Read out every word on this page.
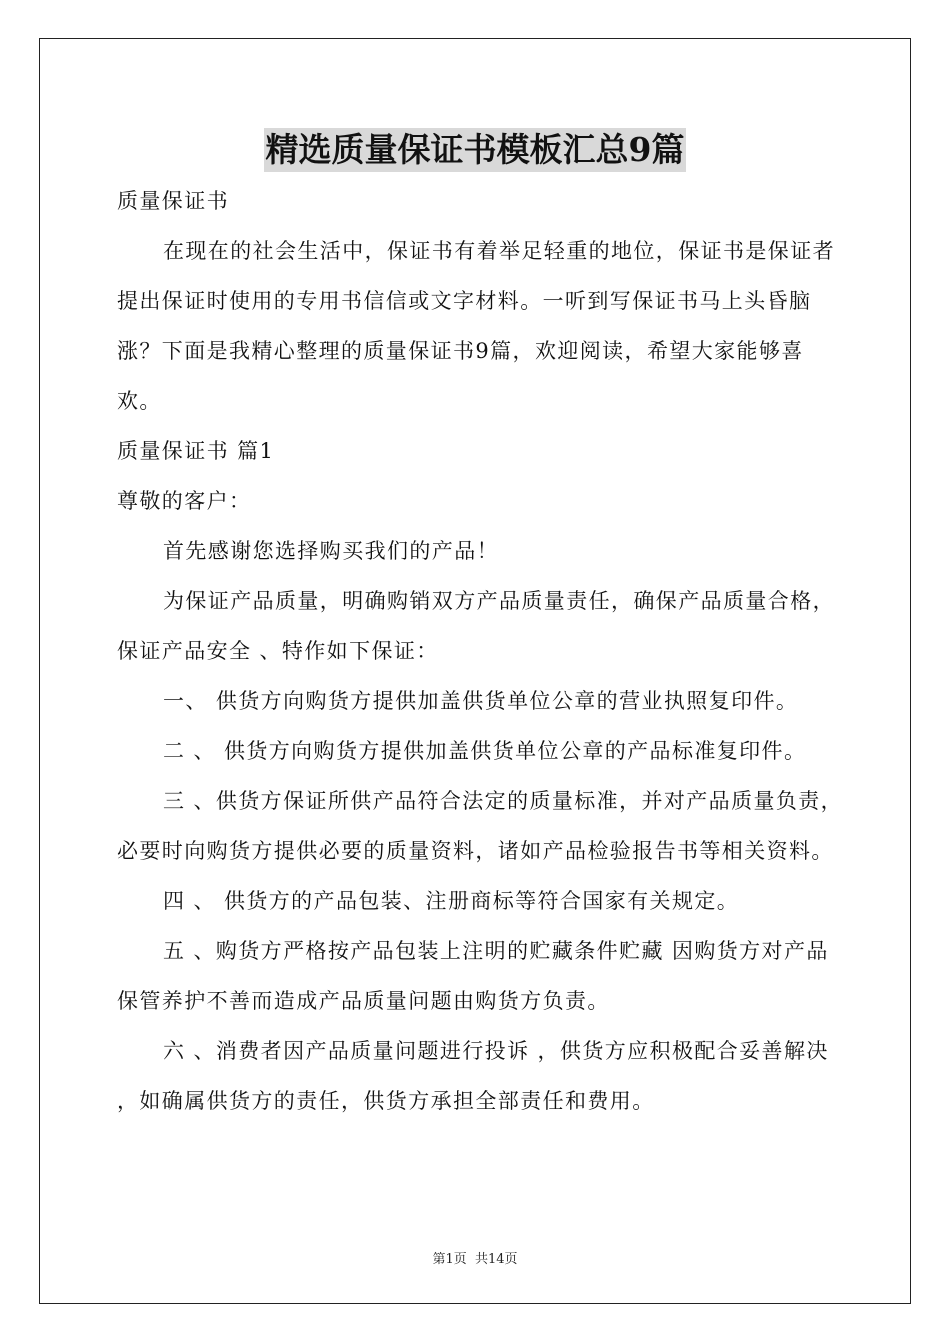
精选质量保证书模板汇总9篇

质量保证书

在现在的社会生活中，保证书有着举足轻重的地位，保证书是保证者提出保证时使用的专用书信信或文字材料。一听到写保证书马上头昏脑涨？下面是我精心整理的质量保证书9篇，欢迎阅读，希望大家能够喜欢。

质量保证书 篇1

尊敬的客户：

首先感谢您选择购买我们的产品！

为保证产品质量，明确购销双方产品质量责任，确保产品质量合格，保证产品安全 、特作如下保证：

一、 供货方向购货方提供加盖供货单位公章的营业执照复印件。

二 、 供货方向购货方提供加盖供货单位公章的产品标准复印件。

三 、供货方保证所供产品符合法定的质量标准，并对产品质量负责，必要时向购货方提供必要的质量资料，诸如产品检验报告书等相关资料。

四 、 供货方的产品包装、注册商标等符合国家有关规定。

五 、购货方严格按产品包装上注明的贮藏条件贮藏 因购货方对产品保管养护不善而造成产品质量问题由购货方负责。

六 、消费者因产品质量问题进行投诉 ，供货方应积极配合妥善解决 ，如确属供货方的责任，供货方承担全部责任和费用。

第1页 共14页
